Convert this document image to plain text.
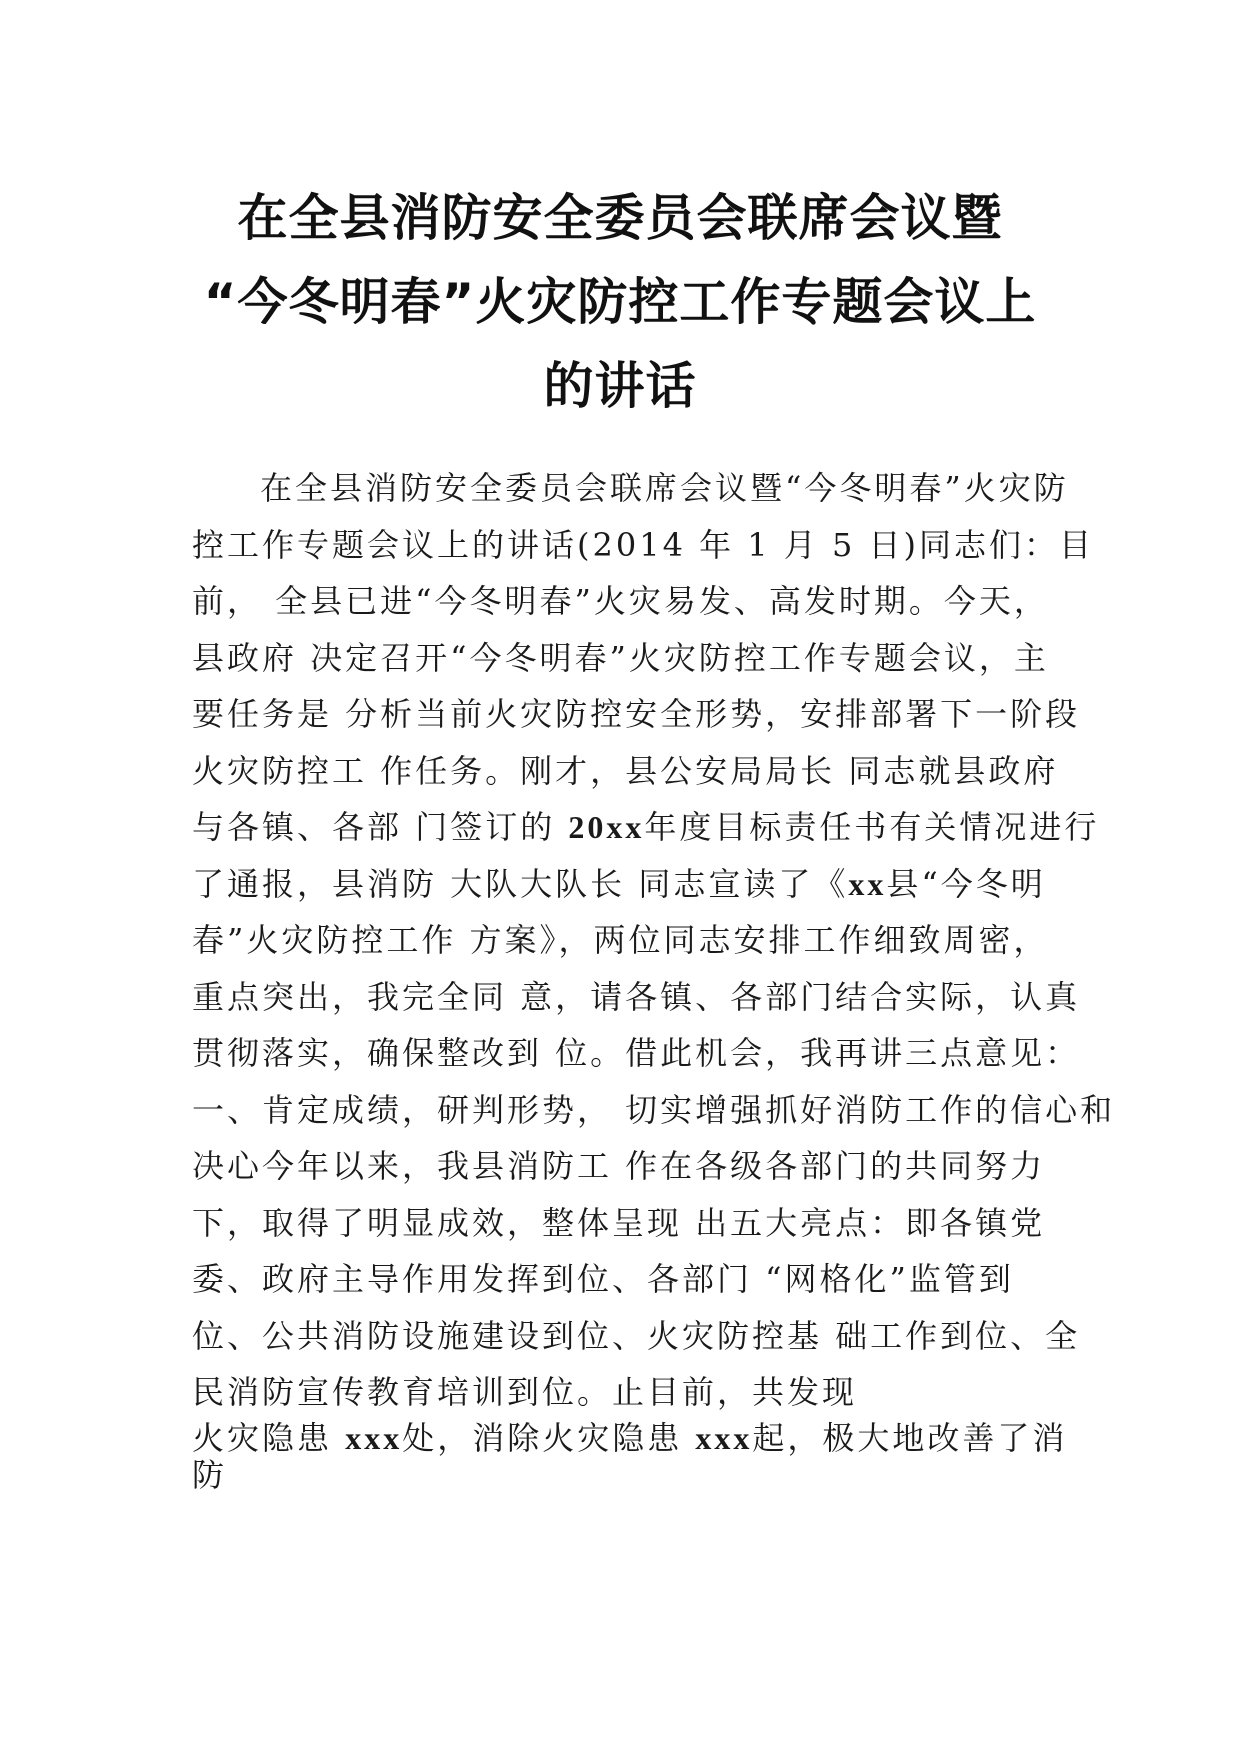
在全县消防安全委员会联席会议暨
“今冬明春”火灾防控工作专题会议上
的讲话
在全县消防安全委员会联席会议暨“今冬明春”火灾防
控工作专题会议上的讲话(2014 年 1 月 5 日)同志们：目
前， 全县已进“今冬明春”火灾易发、高发时期。今天，
县政府 决定召开“今冬明春”火灾防控工作专题会议，主
要任务是 分析当前火灾防控安全形势，安排部署下一阶段
火灾防控工 作任务。刚才，县公安局局长 同志就县政府
与各镇、各部 门签订的 20xx年度目标责任书有关情况进行
了通报，县消防 大队大队长 同志宣读了《xx县“今冬明
春”火灾防控工作 方案》，两位同志安排工作细致周密，
重点突出，我完全同 意，请各镇、各部门结合实际，认真
贯彻落实，确保整改到 位。借此机会，我再讲三点意见：
一、肯定成绩，研判形势， 切实增强抓好消防工作的信心和
决心今年以来，我县消防工 作在各级各部门的共同努力
下，取得了明显成效，整体呈现 出五大亮点：即各镇党
委、政府主导作用发挥到位、各部门 “网格化”监管到
位、公共消防设施建设到位、火灾防控基 础工作到位、全
民消防宣传教育培训到位。止目前，共发现
火灾隐患 xxx处，消除火灾隐患 xxx起，极大地改善了消
防
